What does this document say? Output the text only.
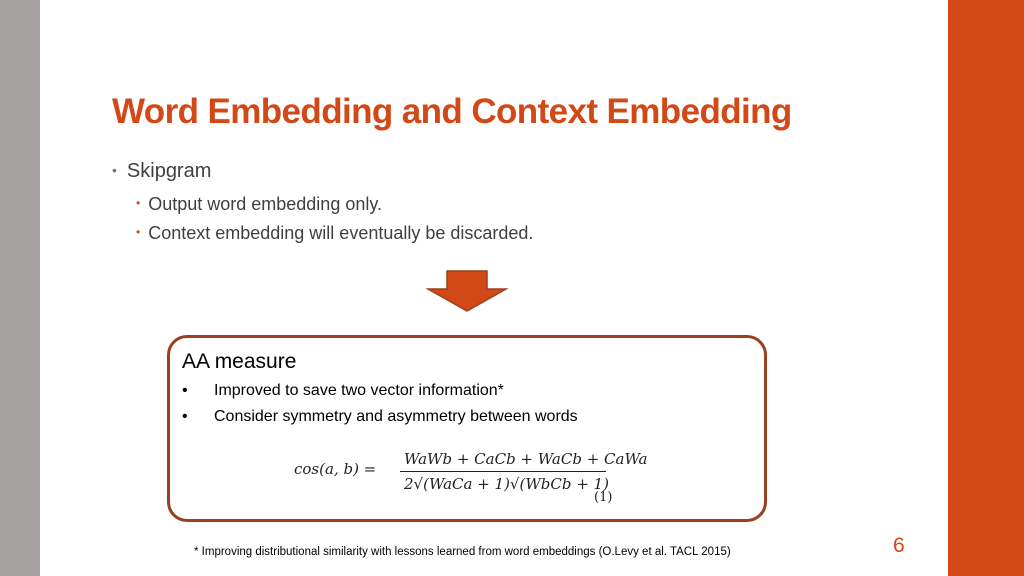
Word Embedding and Context Embedding
• Skipgram
• Output word embedding only.
• Context embedding will eventually be discarded.
AA measure
• Improved to save two vector information*
• Consider symmetry and asymmetry between words
cos(a, b) =
WaWb + CaCb + WaCb + CaWa
2√(WaCa + 1)√(WbCb + 1)
(1)
* Improving distributional similarity with lessons learned from word embeddings (O.Levy et al. TACL 2015)	6
